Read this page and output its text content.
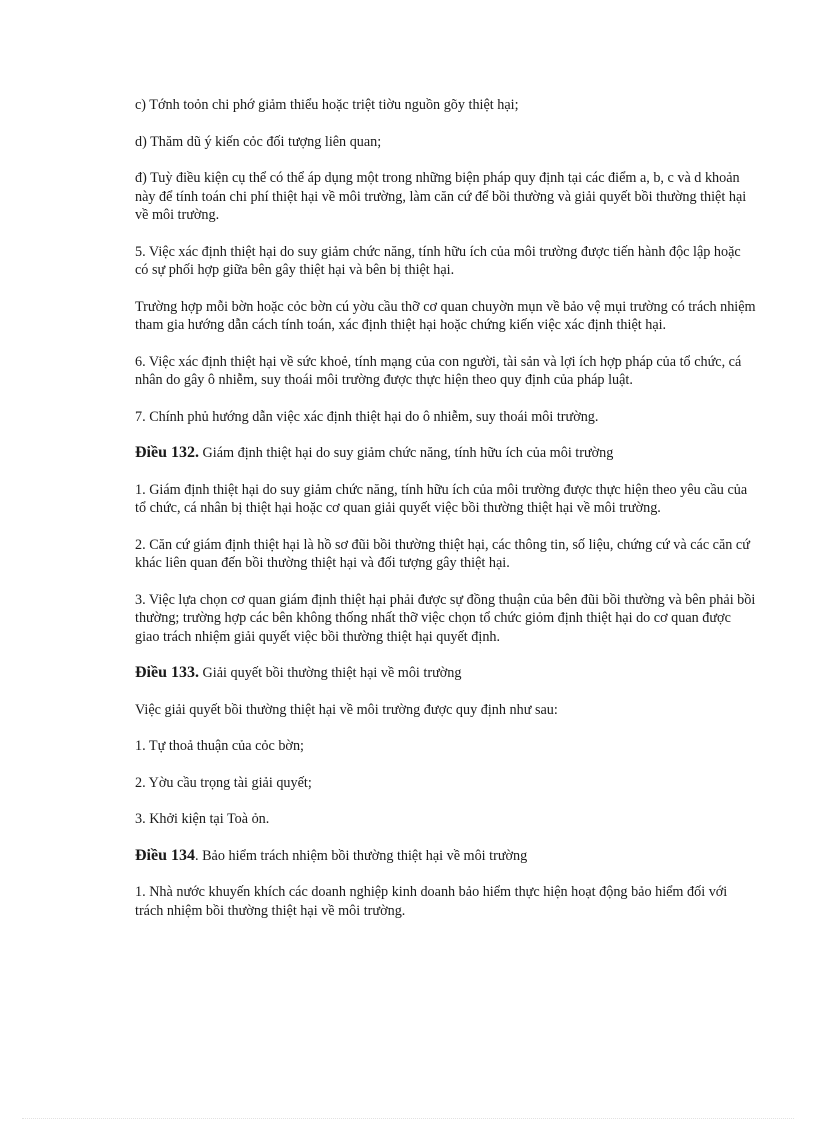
c) Tớnh toỏn chi phớ giảm thiểu hoặc triệt tiờu nguồn gõy thiệt hại;

d) Thăm dũ ý kiến cỏc đối tượng liên quan;

đ) Tuỳ điều kiện cụ thể có thể áp dụng một trong những biện pháp quy định tại các điểm a, b, c và d khoản này để tính toán chi phí thiệt hại về môi trường, làm căn cứ để bồi thường và giải quyết bồi thường thiệt hại về môi trường.

5. Việc xác định thiệt hại do suy giảm chức năng, tính hữu ích của môi trường được tiến hành độc lập hoặc có sự phối hợp giữa bên gây thiệt hại và bên bị thiệt hại.

Trường hợp mỗi bờn hoặc cỏc bờn cú yờu cầu thỡ cơ quan chuyờn mụn về bảo vệ mụi trường có trách nhiệm tham gia hướng dẫn cách tính toán, xác định thiệt hại hoặc chứng kiến việc xác định thiệt hại.

6. Việc xác định thiệt hại về sức khoẻ, tính mạng của con người, tài sản và lợi ích hợp pháp của tổ chức, cá nhân do gây ô nhiễm, suy thoái môi trường được thực hiện theo quy định của pháp luật.

7. Chính phủ hướng dẫn việc xác định thiệt hại do ô nhiễm, suy thoái môi trường.

Điều 132. Giám định thiệt hại do suy giảm chức năng, tính hữu ích của môi trường

1. Giám định thiệt hại do suy giảm chức năng, tính hữu ích của môi trường được thực hiện theo yêu cầu của tổ chức, cá nhân bị thiệt hại hoặc cơ quan giải quyết việc bồi thường thiệt hại về môi trường.

2. Căn cứ giám định thiệt hại là hồ sơ đũi bồi thường thiệt hại, các thông tin, số liệu, chứng cứ và các căn cứ khác liên quan đến bồi thường thiệt hại và đối tượng gây thiệt hại.

3. Việc lựa chọn cơ quan giám định thiệt hại phải được sự đồng thuận của bên đũi bồi thường và bên phải bồi thường; trường hợp các bên không thống nhất thỡ việc chọn tổ chức giỏm định thiệt hại do cơ quan được giao trách nhiệm giải quyết việc bồi thường thiệt hại quyết định.

Điều 133. Giải quyết bồi thường thiệt hại về môi trường

Việc giải quyết bồi thường thiệt hại về môi trường được quy định như sau:

1. Tự thoả thuận của cỏc bờn;

2. Yờu cầu trọng tài giải quyết;

3. Khởi kiện tại Toà ỏn.

Điều 134. Bảo hiểm trách nhiệm bồi thường thiệt hại về môi trường

1. Nhà nước khuyến khích các doanh nghiệp kinh doanh bảo hiểm thực hiện hoạt động bảo hiểm đối với trách nhiệm bồi thường thiệt hại về môi trường.
